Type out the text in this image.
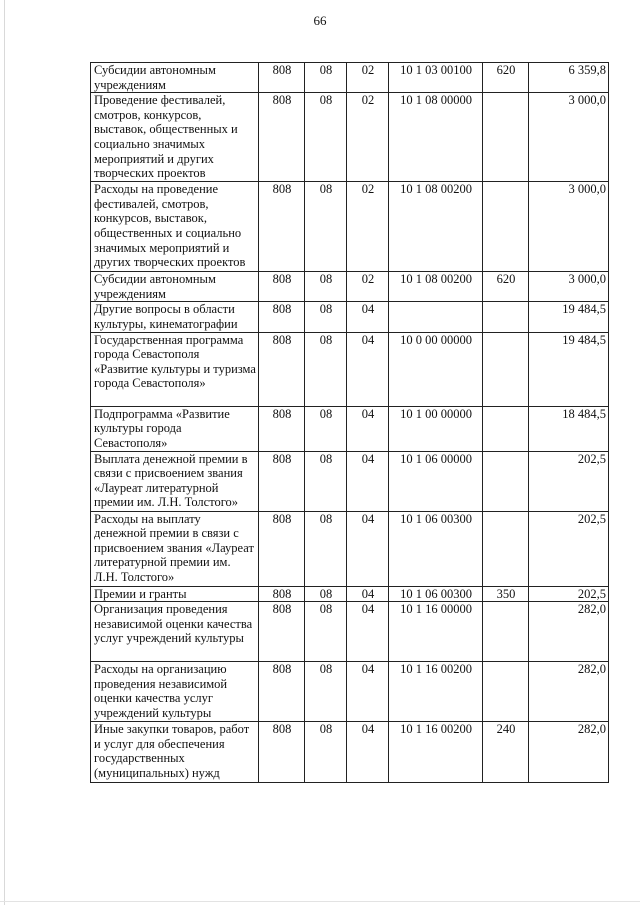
66
Субсидии автономным учреждениям	808	08	02	10 1 03 00100	620	6 359,8
Проведение фестивалей, смотров, конкурсов, выставок, общественных и социально значимых мероприятий и других творческих проектов	808	08	02	10 1 08 00000		3 000,0
Расходы на проведение фестивалей, смотров, конкурсов, выставок, общественных и социально значимых мероприятий и других творческих проектов	808	08	02	10 1 08 00200		3 000,0
Субсидии автономным учреждениям	808	08	02	10 1 08 00200	620	3 000,0
Другие вопросы в области культуры, кинематографии	808	08	04			19 484,5
Государственная программа города Севастополя «Развитие культуры и туризма города Севастополя»	808	08	04	10 0 00 00000		19 484,5
Подпрограмма «Развитие культуры города Севастополя»	808	08	04	10 1 00 00000		18 484,5
Выплата денежной премии в связи с присвоением звания «Лауреат литературной премии им. Л.Н. Толстого»	808	08	04	10 1 06 00000		202,5
Расходы на выплату денежной премии в связи с присвоением звания «Лауреат литературной премии им. Л.Н. Толстого»	808	08	04	10 1 06 00300		202,5
Премии и гранты	808	08	04	10 1 06 00300	350	202,5
Организация проведения независимой оценки качества услуг учреждений культуры	808	08	04	10 1 16 00000		282,0
Расходы на организацию проведения независимой оценки качества услуг учреждений культуры	808	08	04	10 1 16 00200		282,0
Иные закупки товаров, работ и услуг для обеспечения государственных (муниципальных) нужд	808	08	04	10 1 16 00200	240	282,0
